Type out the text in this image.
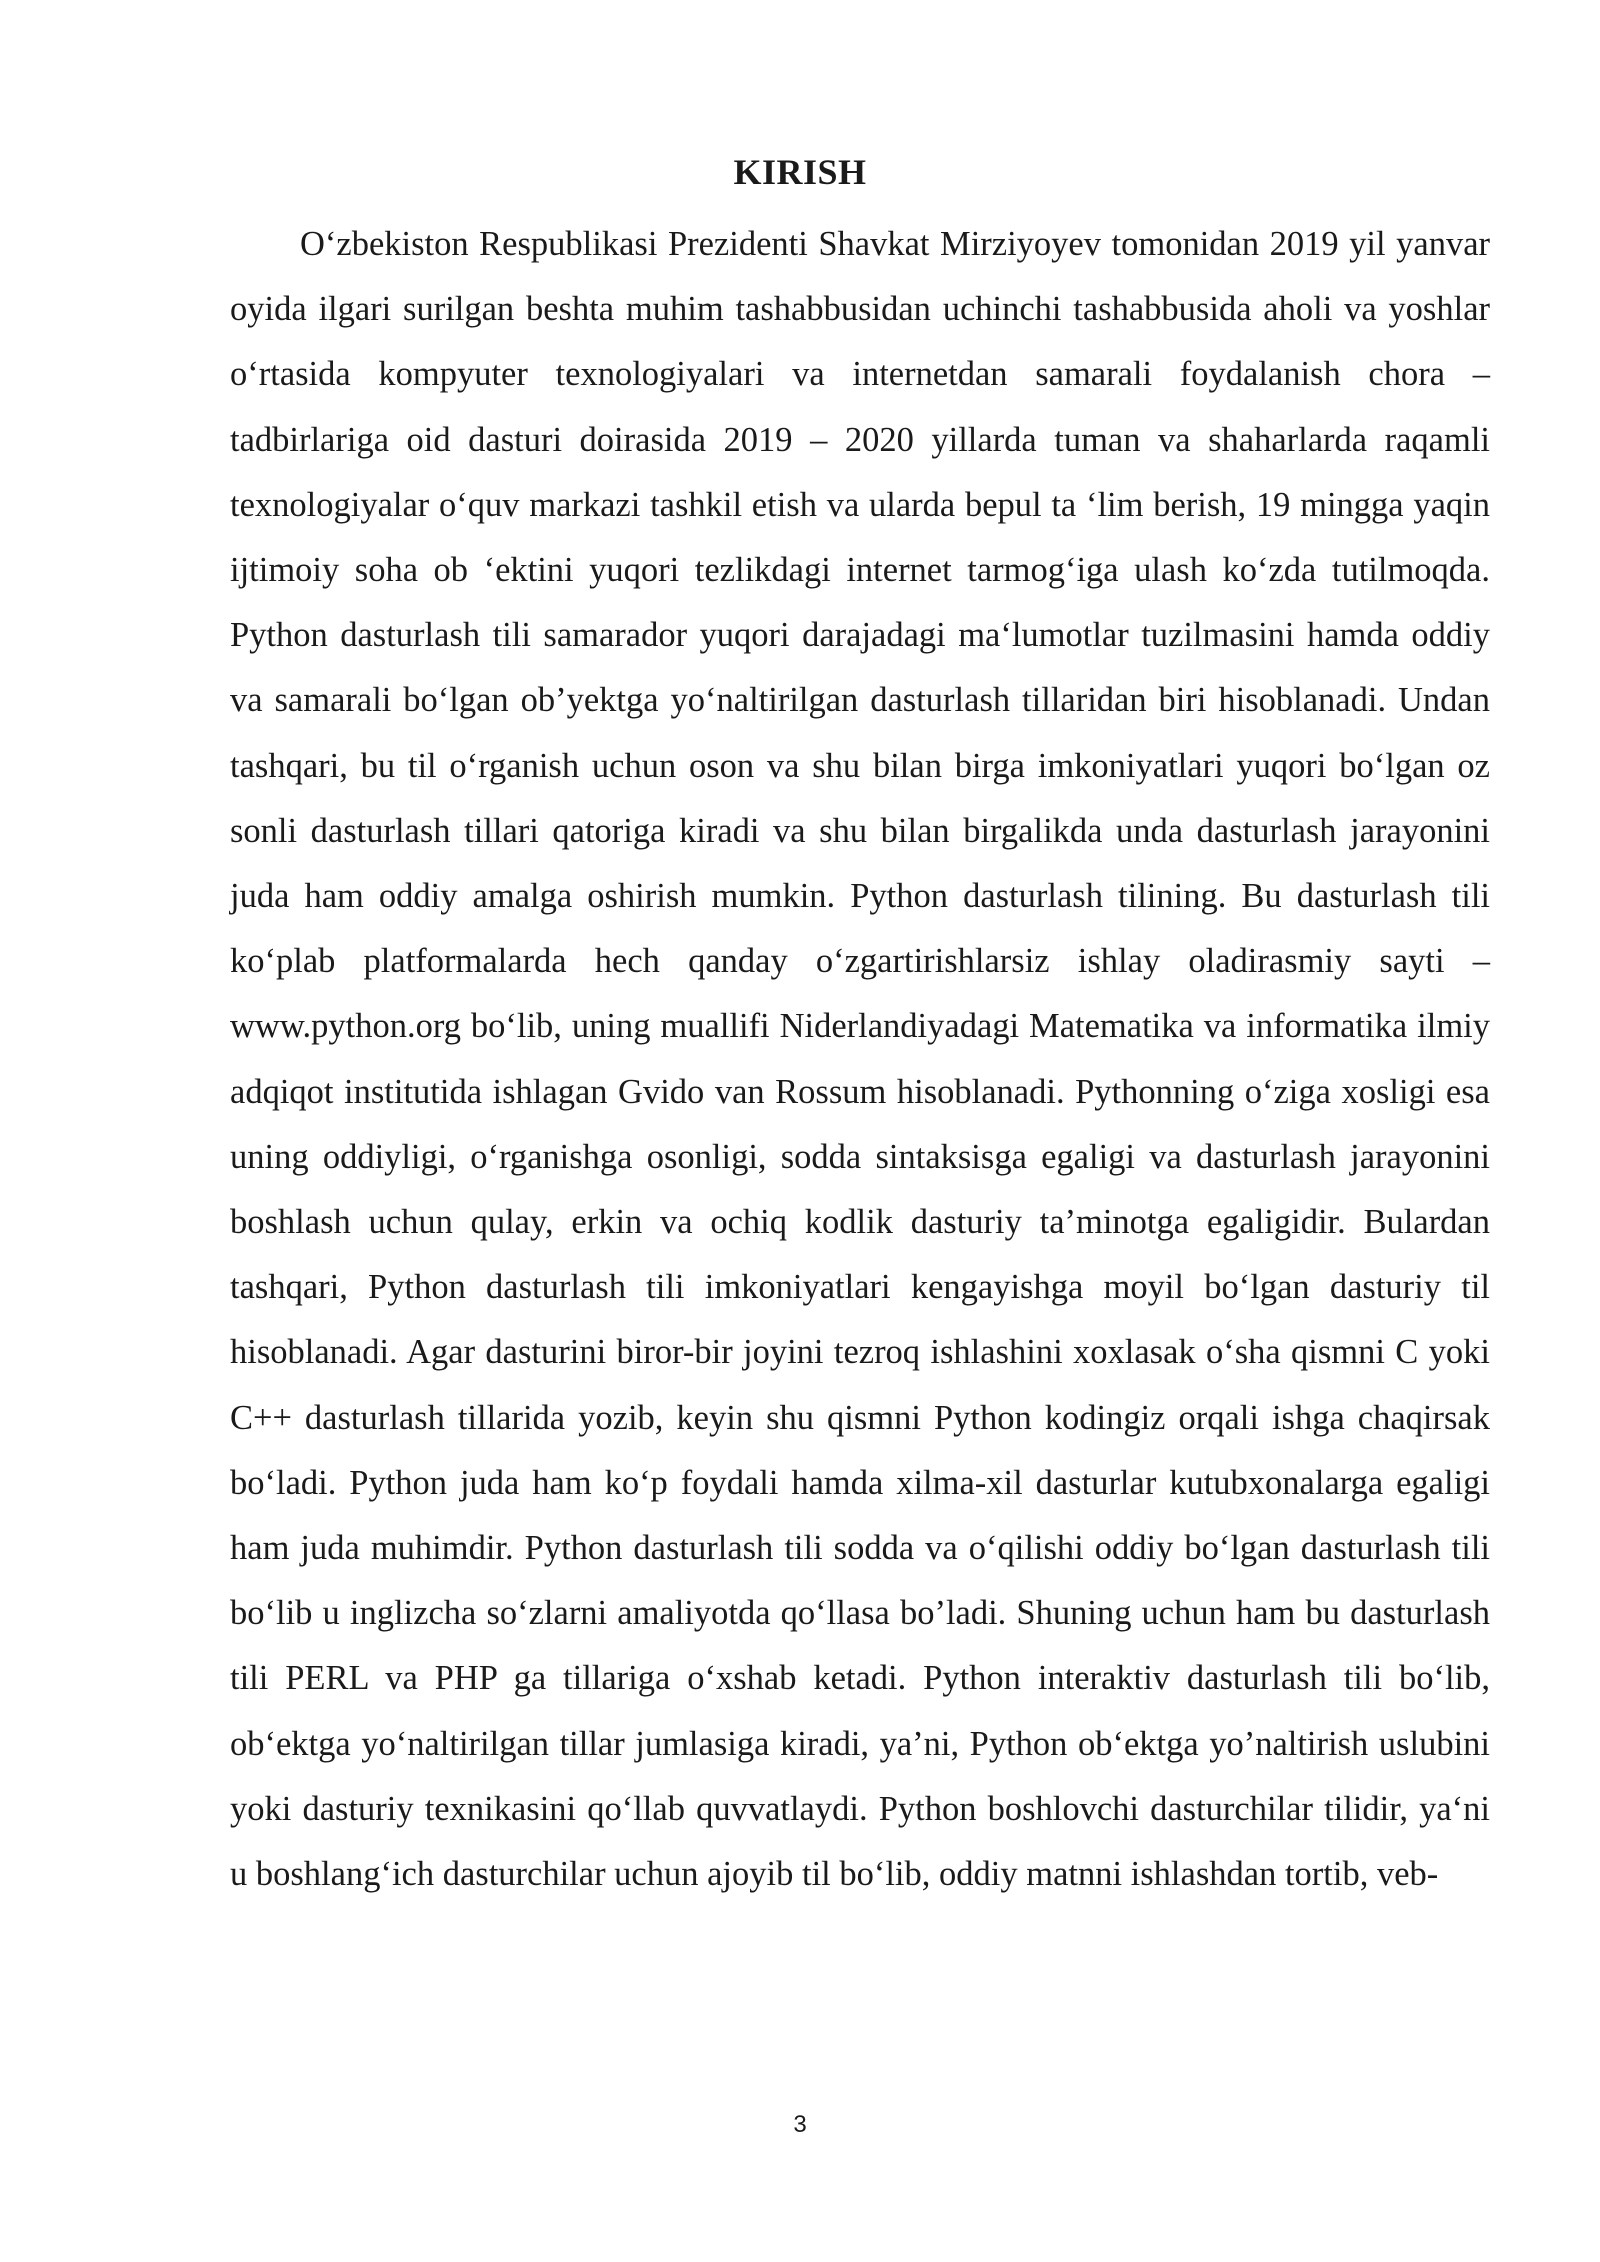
KIRISH

O‘zbekiston Respublikasi Prezidenti Shavkat Mirziyoyev tomonidan 2019 yil yanvar oyida ilgari surilgan beshta muhim tashabbusidan uchinchi tashabbusida aholi va yoshlar o‘rtasida kompyuter texnologiyalari va internetdan samarali foydalanish chora – tadbirlariga oid dasturi doirasida 2019 – 2020 yillarda tuman va shaharlarda raqamli texnologiyalar o‘quv markazi tashkil etish va ularda bepul ta ‘lim berish, 19 mingga yaqin ijtimoiy soha ob ‘ektini yuqori tezlikdagi internet tarmog‘iga ulash ko‘zda tutilmoqda. Python dasturlash tili samarador yuqori darajadagi ma‘lumotlar tuzilmasini hamda oddiy va samarali bo‘lgan ob’yektga yo‘naltirilgan dasturlash tillaridan biri hisoblanadi. Undan tashqari, bu til o‘rganish uchun oson va shu bilan birga imkoniyatlari yuqori bo‘lgan oz sonli dasturlash tillari qatoriga kiradi va shu bilan birgalikda unda dasturlash jarayonini juda ham oddiy amalga oshirish mumkin. Python dasturlash tilining. Bu dasturlash tili ko‘plab platformalarda hech qanday o‘zgartirishlarsiz ishlay oladirasmiy sayti – www.python.org bo‘lib, uning muallifi Niderlandiyadagi Matematika va informatika ilmiy adqiqot institutida ishlagan Gvido van Rossum hisoblanadi. Pythonning o‘ziga xosligi esa uning oddiyligi, o‘rganishga osonligi, sodda sintaksisga egaligi va dasturlash jarayonini boshlash uchun qulay, erkin va ochiq kodlik dasturiy ta’minotga egaligidir. Bulardan tashqari, Python dasturlash tili imkoniyatlari kengayishga moyil bo‘lgan dasturiy til hisoblanadi. Agar dasturini biror-bir joyini tezroq ishlashini xoxlasak o‘sha qismni C yoki C++ dasturlash tillarida yozib, keyin shu qismni Python kodingiz orqali ishga chaqirsak bo‘ladi. Python juda ham ko‘p foydali hamda xilma-xil dasturlar kutubxonalarga egaligi ham juda muhimdir. Python dasturlash tili sodda va o‘qilishi oddiy bo‘lgan dasturlash tili bo‘lib u inglizcha so‘zlarni amaliyotda qo‘llasa bo’ladi. Shuning uchun ham bu dasturlash tili PERL va PHP ga tillariga o‘xshab ketadi. Python interaktiv dasturlash tili bo‘lib, ob‘ektga yo‘naltirilgan tillar jumlasiga kiradi, ya’ni, Python ob‘ektga yo’naltirish uslubini yoki dasturiy texnikasini qo‘llab quvvatlaydi. Python boshlovchi dasturchilar tilidir, ya‘ni u boshlang‘ich dasturchilar uchun ajoyib til bo‘lib, oddiy matnni ishlashdan tortib, veb-

3
